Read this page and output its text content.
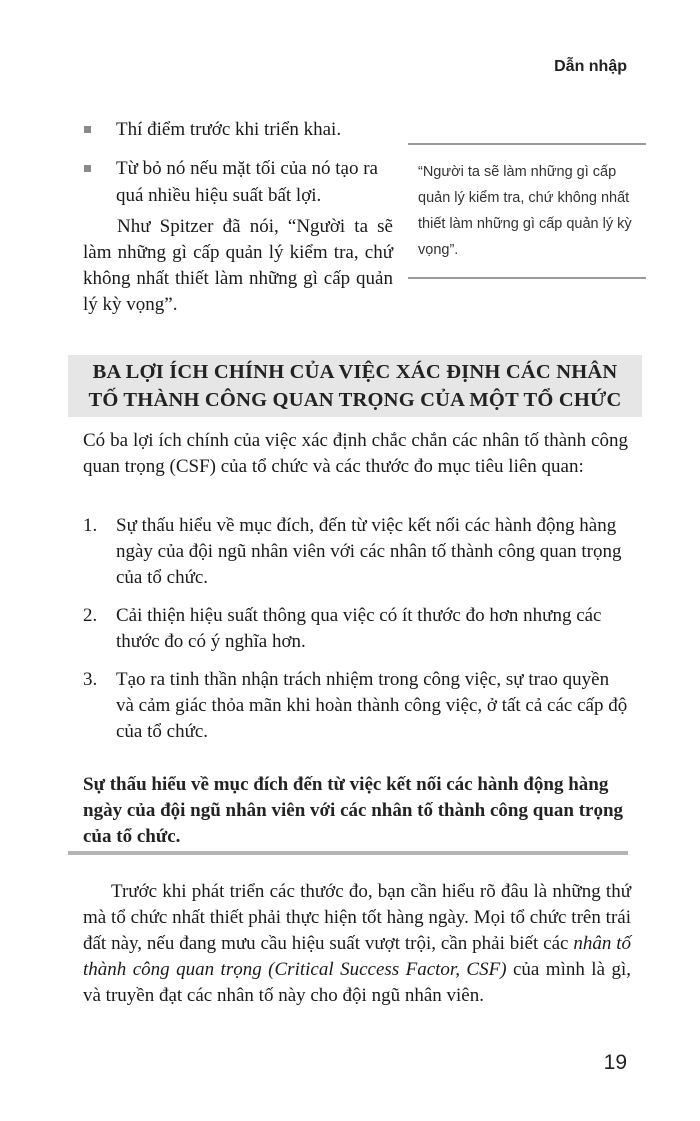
Dẫn nhập
Thí điểm trước khi triển khai.
Từ bỏ nó nếu mặt tối của nó tạo ra quá nhiều hiệu suất bất lợi.
Như Spitzer đã nói, “Người ta sẽ làm những gì cấp quản lý kiểm tra, chứ không nhất thiết làm những gì cấp quản lý kỳ vọng”.
“Người ta sẽ làm những gì cấp quản lý kiểm tra, chứ không nhất thiết làm những gì cấp quản lý kỳ vọng”.
BA LỢI ÍCH CHÍNH CỦA VIỆC XÁC ĐỊNH CÁC NHÂN
TỐ THÀNH CÔNG QUAN TRỌNG CỦA MỘT TỔ CHỨC
Có ba lợi ích chính của việc xác định chắc chắn các nhân tố thành công quan trọng (CSF) của tổ chức và các thước đo mục tiêu liên quan:
1. Sự thấu hiểu về mục đích, đến từ việc kết nối các hành động hàng ngày của đội ngũ nhân viên với các nhân tố thành công quan trọng của tổ chức.
2. Cải thiện hiệu suất thông qua việc có ít thước đo hơn nhưng các thước đo có ý nghĩa hơn.
3. Tạo ra tinh thần nhận trách nhiệm trong công việc, sự trao quyền và cảm giác thỏa mãn khi hoàn thành công việc, ở tất cả các cấp độ của tổ chức.
Sự thấu hiểu về mục đích đến từ việc kết nối các hành động hàng ngày của đội ngũ nhân viên với các nhân tố thành công quan trọng của tổ chức.
Trước khi phát triển các thước đo, bạn cần hiểu rõ đâu là những thứ mà tổ chức nhất thiết phải thực hiện tốt hàng ngày. Mọi tổ chức trên trái đất này, nếu đang mưu cầu hiệu suất vượt trội, cần phải biết các nhân tố thành công quan trọng (Critical Success Factor, CSF) của mình là gì, và truyền đạt các nhân tố này cho đội ngũ nhân viên.
19
